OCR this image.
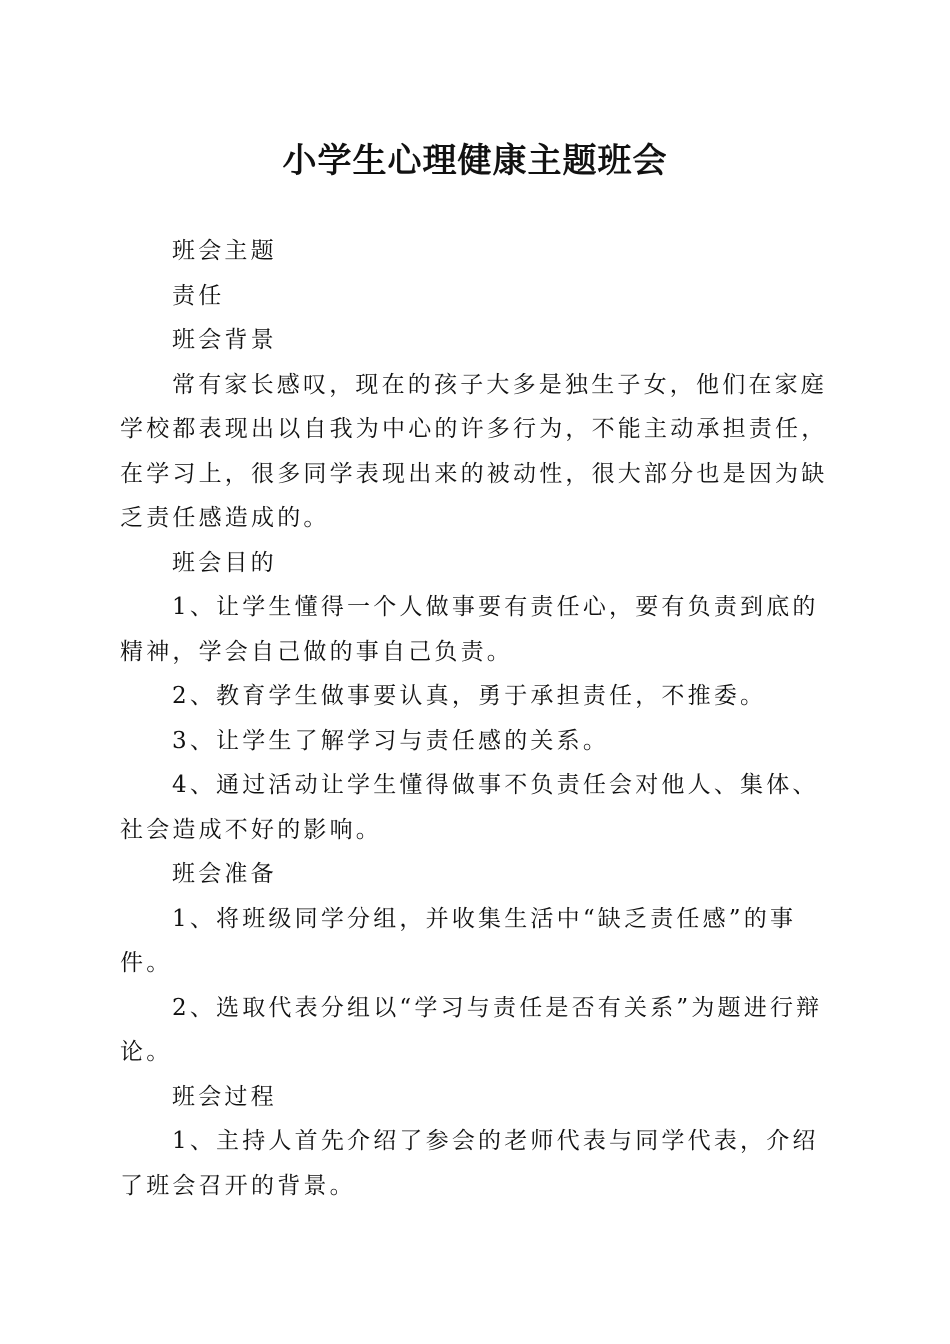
小学生心理健康主题班会

班会主题

责任

班会背景

常有家长感叹，现在的孩子大多是独生子女，他们在家庭学校都表现出以自我为中心的许多行为，不能主动承担责任，在学习上，很多同学表现出来的被动性，很大部分也是因为缺乏责任感造成的。

班会目的

1、让学生懂得一个人做事要有责任心，要有负责到底的精神，学会自己做的事自己负责。

2、教育学生做事要认真，勇于承担责任，不推委。

3、让学生了解学习与责任感的关系。

4、通过活动让学生懂得做事不负责任会对他人、集体、社会造成不好的影响。

班会准备

1、将班级同学分组，并收集生活中“缺乏责任感”的事件。

2、选取代表分组以“学习与责任是否有关系”为题进行辩论。

班会过程

1、主持人首先介绍了参会的老师代表与同学代表，介绍了班会召开的背景。
